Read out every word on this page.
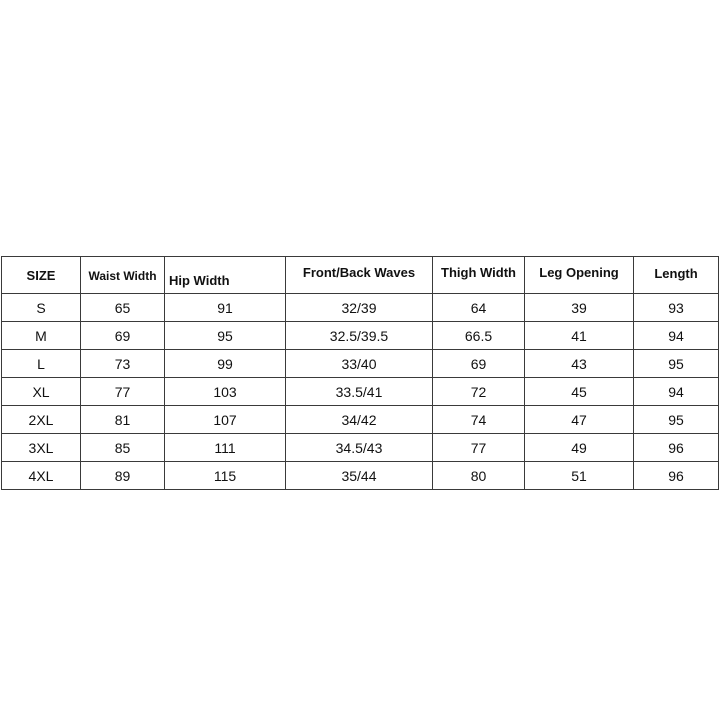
SIZE	Waist Width	Hip Width	Front/Back Waves	Thigh Width	Leg Opening	Length
S	65	91	32/39	64	39	93
M	69	95	32.5/39.5	66.5	41	94
L	73	99	33/40	69	43	95
XL	77	103	33.5/41	72	45	94
2XL	81	107	34/42	74	47	95
3XL	85	111	34.5/43	77	49	96
4XL	89	115	35/44	80	51	96
